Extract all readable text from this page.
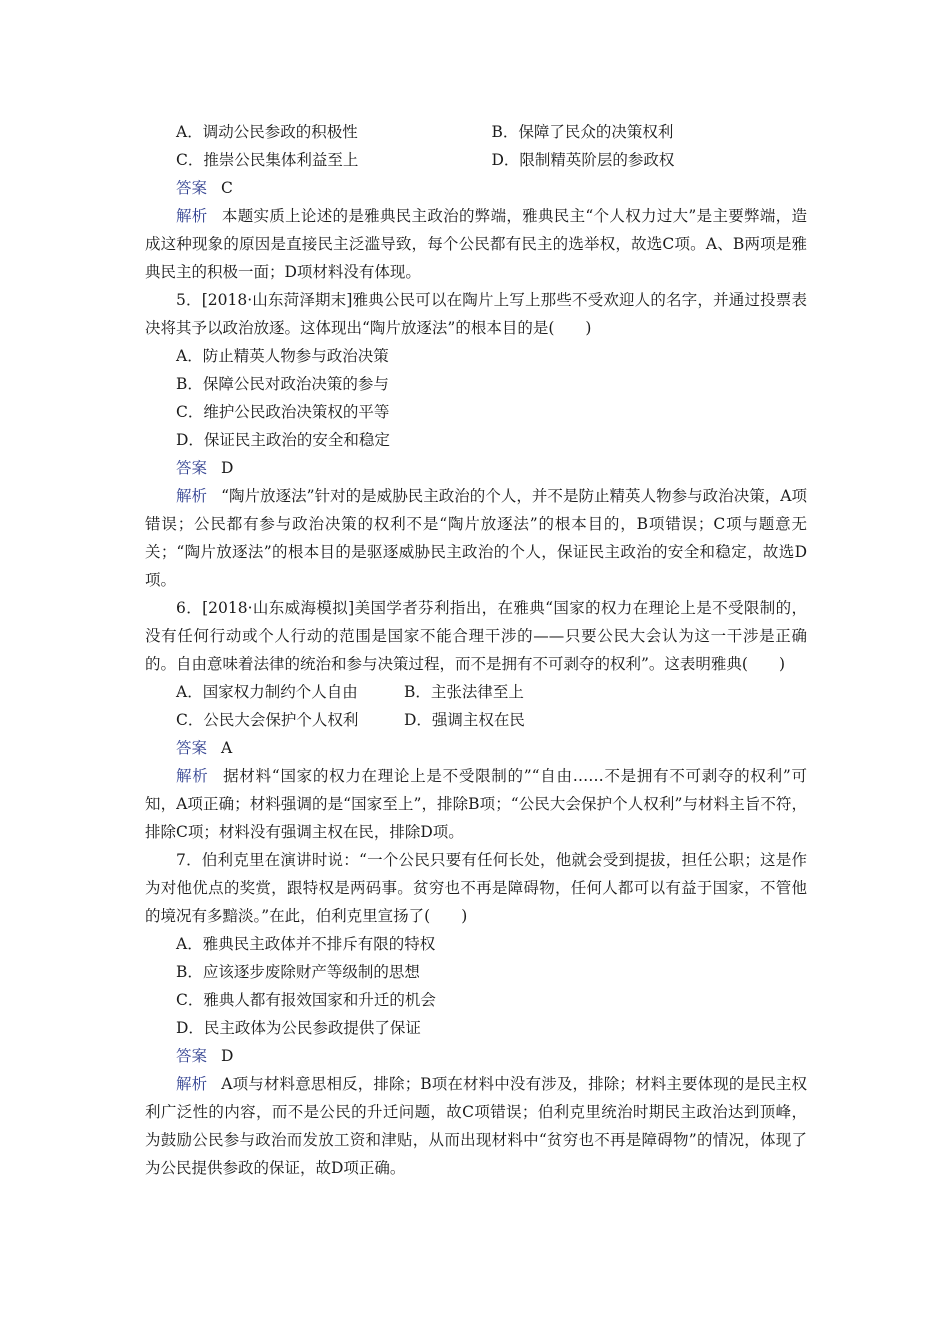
A．调动公民参政的积极性	B．保障了民众的决策权利
C．推崇公民集体利益至上	D．限制精英阶层的参政权
答案 C
解析 本题实质上论述的是雅典民主政治的弊端，雅典民主“个人权力过大”是主要弊端，造成这种现象的原因是直接民主泛滥导致，每个公民都有民主的选举权，故选C项。A、B两项是雅典民主的积极一面；D项材料没有体现。
5．[2018·山东菏泽期末]雅典公民可以在陶片上写上那些不受欢迎人的名字，并通过投票表决将其予以政治放逐。这体现出“陶片放逐法”的根本目的是(　　)
A．防止精英人物参与政治决策
B．保障公民对政治决策的参与
C．维护公民政治决策权的平等
D．保证民主政治的安全和稳定
答案 D
解析 “陶片放逐法”针对的是威胁民主政治的个人，并不是防止精英人物参与政治决策，A项错误；公民都有参与政治决策的权利不是“陶片放逐法”的根本目的，B项错误；C项与题意无关；“陶片放逐法”的根本目的是驱逐威胁民主政治的个人，保证民主政治的安全和稳定，故选D项。
6．[2018·山东威海模拟]美国学者芬利指出，在雅典“国家的权力在理论上是不受限制的，没有任何行动或个人行动的范围是国家不能合理干涉的——只要公民大会认为这一干涉是正确的。自由意味着法律的统治和参与决策过程，而不是拥有不可剥夺的权利”。这表明雅典(　　)
A．国家权力制约个人自由	B．主张法律至上
C．公民大会保护个人权利	D．强调主权在民
答案 A
解析 据材料“国家的权力在理论上是不受限制的”“自由……不是拥有不可剥夺的权利”可知，A项正确；材料强调的是“国家至上”，排除B项；“公民大会保护个人权利”与材料主旨不符，排除C项；材料没有强调主权在民，排除D项。
7．伯利克里在演讲时说：“一个公民只要有任何长处，他就会受到提拔，担任公职；这是作为对他优点的奖赏，跟特权是两码事。贫穷也不再是障碍物，任何人都可以有益于国家，不管他的境况有多黯淡。”在此，伯利克里宣扬了(　　)
A．雅典民主政体并不排斥有限的特权
B．应该逐步废除财产等级制的思想
C．雅典人都有报效国家和升迁的机会
D．民主政体为公民参政提供了保证
答案 D
解析 A项与材料意思相反，排除；B项在材料中没有涉及，排除；材料主要体现的是民主权利广泛性的内容，而不是公民的升迁问题，故C项错误；伯利克里统治时期民主政治达到顶峰，为鼓励公民参与政治而发放工资和津贴，从而出现材料中“贫穷也不再是障碍物”的情况，体现了为公民提供参政的保证，故D项正确。
